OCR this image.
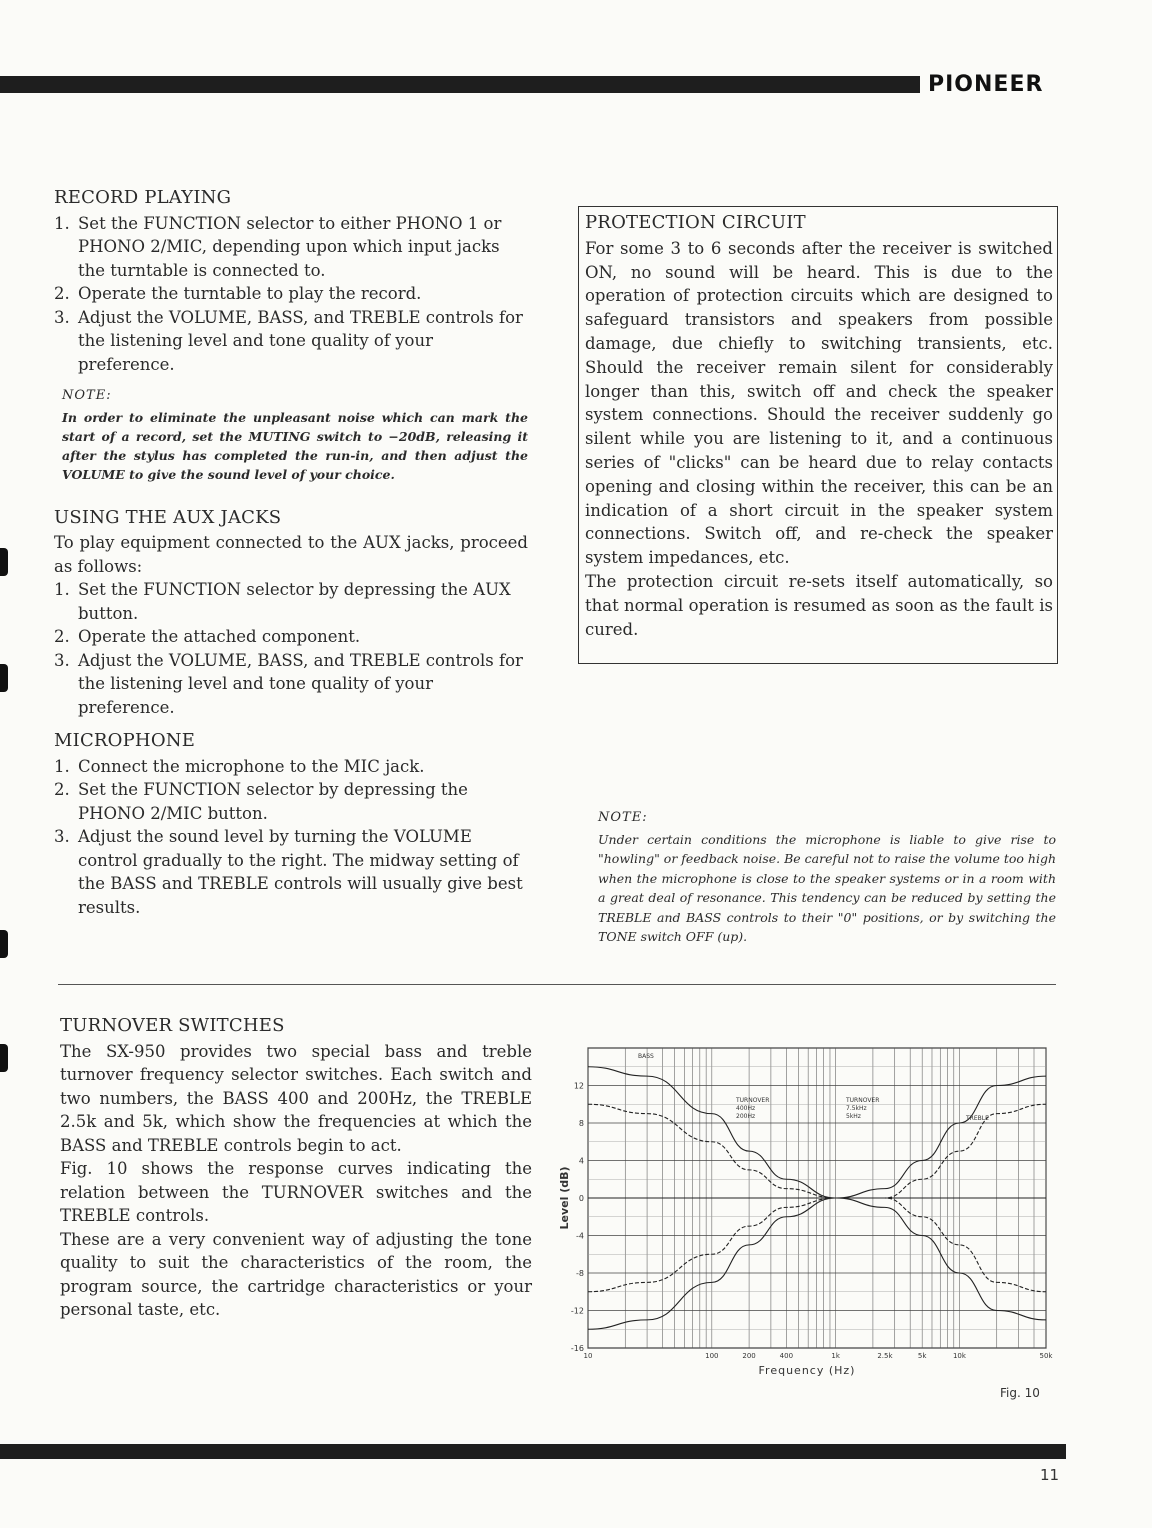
PIONEER
RECORD PLAYING
1. Set the FUNCTION selector to either PHONO 1 or PHONO 2/MIC, depending upon which input jacks the turntable is connected to.
2. Operate the turntable to play the record.
3. Adjust the VOLUME, BASS, and TREBLE controls for the listening level and tone quality of your preference.
NOTE:
In order to eliminate the unpleasant noise which can mark the start of a record, set the MUTING switch to −20dB, releasing it after the stylus has completed the run-in, and then adjust the VOLUME to give the sound level of your choice.
USING THE AUX JACKS

To play equipment connected to the AUX jacks, proceed as follows:

1. Set the FUNCTION selector by depressing the AUX button.
2. Operate the attached component.
3. Adjust the VOLUME, BASS, and TREBLE controls for the listening level and tone quality of your preference.
MICROPHONE
1. Connect the microphone to the MIC jack.
2. Set the FUNCTION selector by depressing the PHONO 2/MIC button.
3. Adjust the sound level by turning the VOLUME control gradually to the right. The midway setting of the BASS and TREBLE controls will usually give best results.
PROTECTION CIRCUIT

For some 3 to 6 seconds after the receiver is switched ON, no sound will be heard. This is due to the operation of protection circuits which are designed to safeguard transistors and speakers from possible damage, due chiefly to switching transients, etc. Should the receiver remain silent for considerably longer than this, switch off and check the speaker system connections. Should the receiver suddenly go silent while you are listening to it, and a continuous series of "clicks" can be heard due to relay contacts opening and closing within the receiver, this can be an indication of a short circuit in the speaker system connections. Switch off, and re-check the speaker system impedances, etc.

The protection circuit re-sets itself automatically, so that normal operation is resumed as soon as the fault is cured.

NOTE:
Under certain conditions the microphone is liable to give rise to "howling" or feedback noise. Be careful not to raise the volume too high when the microphone is close to the speaker systems or in a room with a great deal of resonance. This tendency can be reduced by setting the TREBLE and BASS controls to their "0" positions, or by switching the TONE switch OFF (up).
TURNOVER SWITCHES

The SX-950 provides two special bass and treble turnover frequency selector switches. Each switch and two numbers, the BASS 400 and 200Hz, the TREBLE 2.5k and 5k, which show the frequencies at which the BASS and TREBLE controls begin to act.

Fig. 10 shows the response curves indicating the relation between the TURNOVER switches and the TREBLE controls.

These are a very convenient way of adjusting the tone quality to suit the characteristics of the room, the program source, the cartridge characteristics or your personal taste, etc.

12
8
4
0
-4
-8
-12
-16
10	100	200	400	1k	2.5k	5k	10k	50k
Frequency (Hz)
Level (dB)
BASS
TURNOVER
400Hz
200Hz
TURNOVER
7.5kHz
5kHz	TREBLE
Fig. 10
11
